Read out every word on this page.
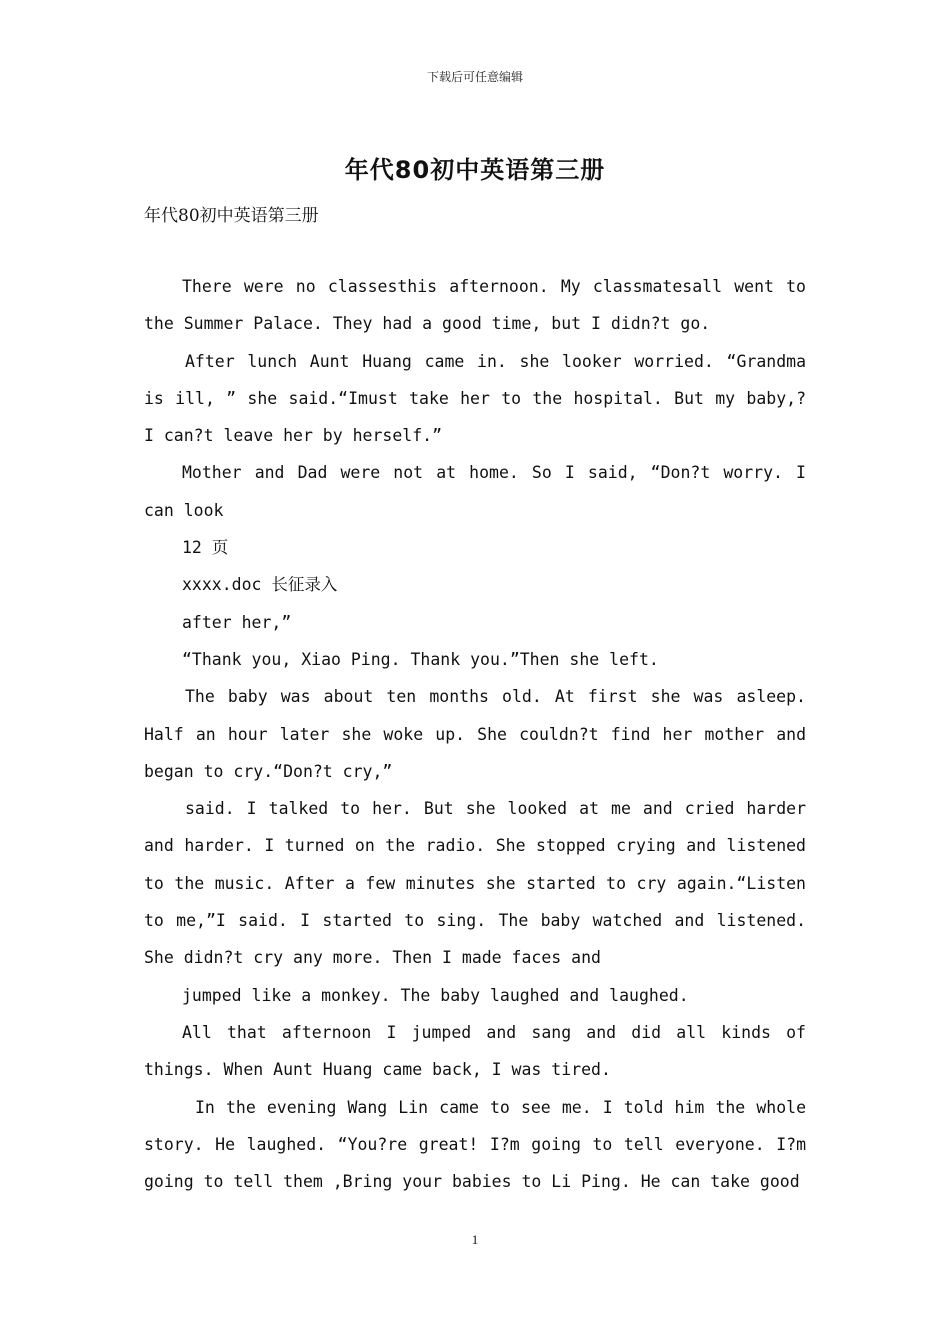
下载后可任意编辑
年代80初中英语第三册
年代80初中英语第三册

There were no classesthis afternoon. My classmatesall went to the Summer Palace. They had a good time, but I didn?t go.

After lunch Aunt Huang came in. she looker worried. “Grandma is ill, ” she said.“Imust take her to the hospital. But my baby,? I can?t leave her by herself.”

Mother and Dad were not at home. So I said, “Don?t worry. I can look

12 页

xxxx.doc 长征录入

after her,”

“Thank you, Xiao Ping. Thank you.”Then she left.

The baby was about ten months old. At first she was asleep. Half an hour later she woke up. She couldn?t find her mother and began to cry.“Don?t cry,”

said. I talked to her. But she looked at me and cried harder and harder. I turned on the radio. She stopped crying and listened to the music. After a few minutes she started to cry again.“Listen to me,”I said. I started to sing. The baby watched and listened. She didn?t cry any more. Then I made faces and

jumped like a monkey. The baby laughed and laughed.

All that afternoon I jumped and sang and did all kinds of things. When Aunt Huang came back, I was tired.

In the evening Wang Lin came to see me. I told him the whole story. He laughed. “You?re great! I?m going to tell everyone. I?m going to tell them ,Bring your babies to Li Ping. He can take good

1
